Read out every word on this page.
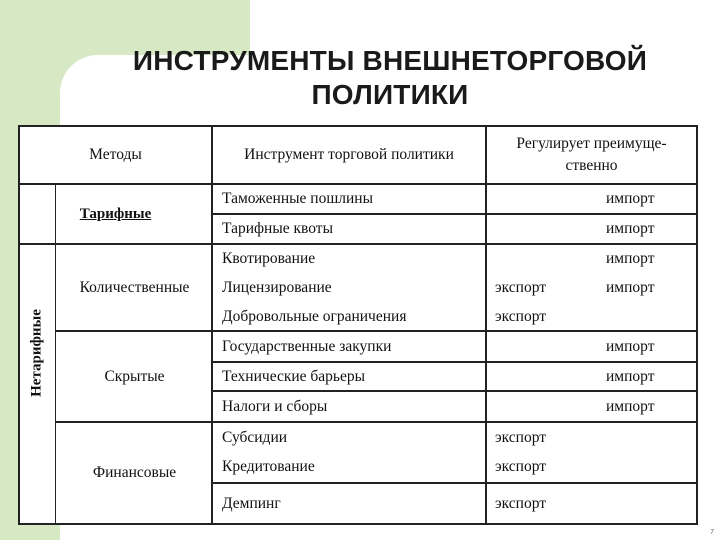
ИНСТРУМЕНТЫ ВНЕШНЕТОРГОВОЙ
ПОЛИТИКИ
Методы	Инструмент торговой политики
Регулирует преимуще-
ственно
Тарифные
Количественные
Скрытые
Финансовые
Таможенные пошлины
Тарифные квоты
Квотирование
Лицензирование
Добровольные ограничения
Государственные закупки
Технические барьеры
Налоги и сборы
Субсидии
Кредитование
Демпинг
экспорт
экспорт
экспорт
экспорт
экспорт
импорт
импорт
импорт
импорт
импорт
импорт
импорт
Нетарифные
7
